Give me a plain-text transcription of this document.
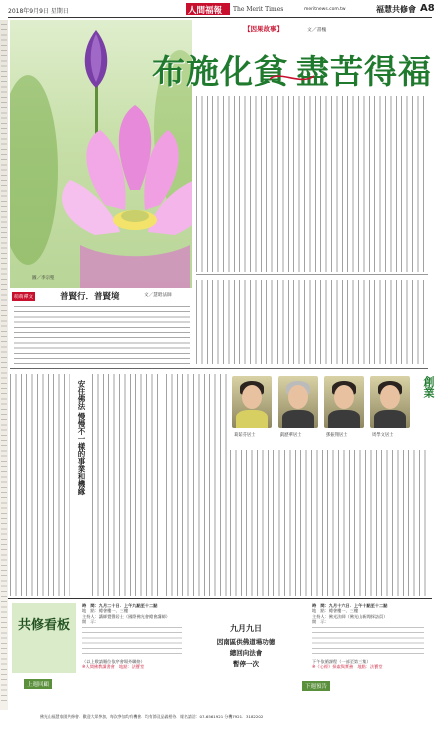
2018年9月9日 星期日	人間福報 The Merit Times	meritnews.com.tw	福慧共修會 A8
圖／李宗聖
【因果故事】	文／書槐
布施化貧 盡苦得福
萌萌禪文	普賢行．普賢境	文／慧昭法師
安住佛法 慢慢不一樣的事業和機緣	葛茹芬居士	凱歷華居士	鄧振翔居士	周學文居士
創業
共修看板
上週回顧
時　間：九月二十日．上午九點至十二點
地　點：總會樓一、三樓
主持人：講師覺聲居士（國際佛光會總會講師）
開　示：
（以上敬請順位依序會場外聯絡）
※人間佛教讀書會　地點：法寶堂
九月九日
因南區供佛道場功德
總回向法會
暫停一次
下週預告
時　間：九月十六日．上午十點至十二點
地　點：總會樓一、三樓
主持人：佛光法師（佛光山新聞採訪員）
開　示：
下午依循課程（一部至第三集）
※《心經》探索與實務　地點：法寶堂
佛光山福慧家園共修會．歡迎大眾參加，每次參加均有機會．均有節及品義相待．報名請洽：07-6561921 分機7921．3182202
